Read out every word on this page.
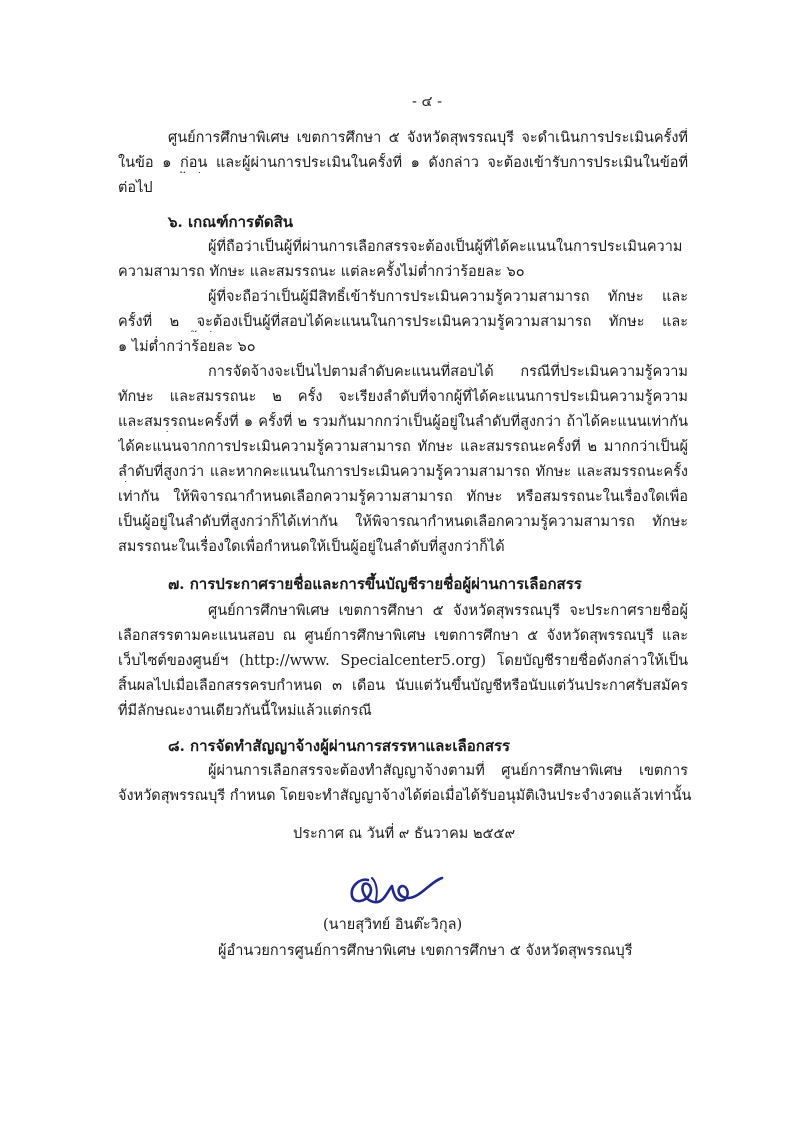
- ๔ -

ศูนย์การศึกษาพิเศษ เขตการศึกษา ๕ จังหวัดสุพรรณบุรี จะดำเนินการประเมินครั้งที่

ในข้อ ๑ ก่อน และผู้ผ่านการประเมินในครั้งที่ ๑ ดังกล่าว จะต้องเข้ารับการประเมินในข้อที่

ต่อไป

๖. เกณฑ์การตัดสิน

ผู้ที่ถือว่าเป็นผู้ที่ผ่านการเลือกสรรจะต้องเป็นผู้ที่ได้คะแนนในการประเมินความ

ความสามารถ ทักษะ และสมรรถนะ แต่ละครั้งไม่ต่ำกว่าร้อยละ ๖๐

ผู้ที่จะถือว่าเป็นผู้มีสิทธิ์เข้ารับการประเมินความรู้ความสามารถ ทักษะ และ

ครั้งที่ ๒ จะต้องเป็นผู้ที่สอบได้คะแนนในการประเมินความรู้ความสามารถ ทักษะ และ

๑ ไม่ต่ำกว่าร้อยละ ๖๐

การจัดจ้างจะเป็นไปตามลำดับคะแนนที่สอบได้ กรณีที่ประเมินความรู้ความ

ทักษะ และสมรรถนะ ๒ ครั้ง จะเรียงลำดับที่จากผู้ที่ได้คะแนนการประเมินความรู้ความ

และสมรรถนะครั้งที่ ๑ ครั้งที่ ๒ รวมกันมากกว่าเป็นผู้อยู่ในลำดับที่สูงกว่า ถ้าได้คะแนนเท่ากัน

ได้คะแนนจากการประเมินความรู้ความสามารถ ทักษะ และสมรรถนะครั้งที่ ๒ มากกว่าเป็นผู้

ลำดับที่สูงกว่า และหากคะแนนในการประเมินความรู้ความสามารถ ทักษะ และสมรรถนะครั้ง

เท่ากัน ให้พิจารณากำหนดเลือกความรู้ความสามารถ ทักษะ หรือสมรรถนะในเรื่องใดเพื่อ

เป็นผู้อยู่ในลำดับที่สูงกว่าก็ได้เท่ากัน ให้พิจารณากำหนดเลือกความรู้ความสามารถ ทักษะ

สมรรถนะในเรื่องใดเพื่อกำหนดให้เป็นผู้อยู่ในลำดับที่สูงกว่าก็ได้

๗. การประกาศรายชื่อและการขึ้นบัญชีรายชื่อผู้ผ่านการเลือกสรร

ศูนย์การศึกษาพิเศษ เขตการศึกษา ๕ จังหวัดสุพรรณบุรี จะประกาศรายชื่อผู้

เลือกสรรตามคะแนนสอบ ณ ศูนย์การศึกษาพิเศษ เขตการศึกษา ๕ จังหวัดสุพรรณบุรี และ

เว็บไซต์ของศูนย์ฯ (http://www. Specialcenter5.org) โดยบัญชีรายชื่อดังกล่าวให้เป็น

สิ้นผลไปเมื่อเลือกสรรครบกำหนด ๓ เดือน นับแต่วันขึ้นบัญชีหรือนับแต่วันประกาศรับสมัคร

ที่มีลักษณะงานเดียวกันนี้ใหม่แล้วแต่กรณี

๘. การจัดทำสัญญาจ้างผู้ผ่านการสรรหาและเลือกสรร

ผู้ผ่านการเลือกสรรจะต้องทำสัญญาจ้างตามที่ ศูนย์การศึกษาพิเศษ เขตการ

จังหวัดสุพรรณบุรี กำหนด โดยจะทำสัญญาจ้างได้ต่อเมื่อได้รับอนุมัติเงินประจำงวดแล้วเท่านั้น

ประกาศ ณ วันที่ ๙ ธันวาคม ๒๕๕๙

(นายสุวิทย์ อินต๊ะวิกุล)

ผู้อำนวยการศูนย์การศึกษาพิเศษ เขตการศึกษา ๕ จังหวัดสุพรรณบุรี
